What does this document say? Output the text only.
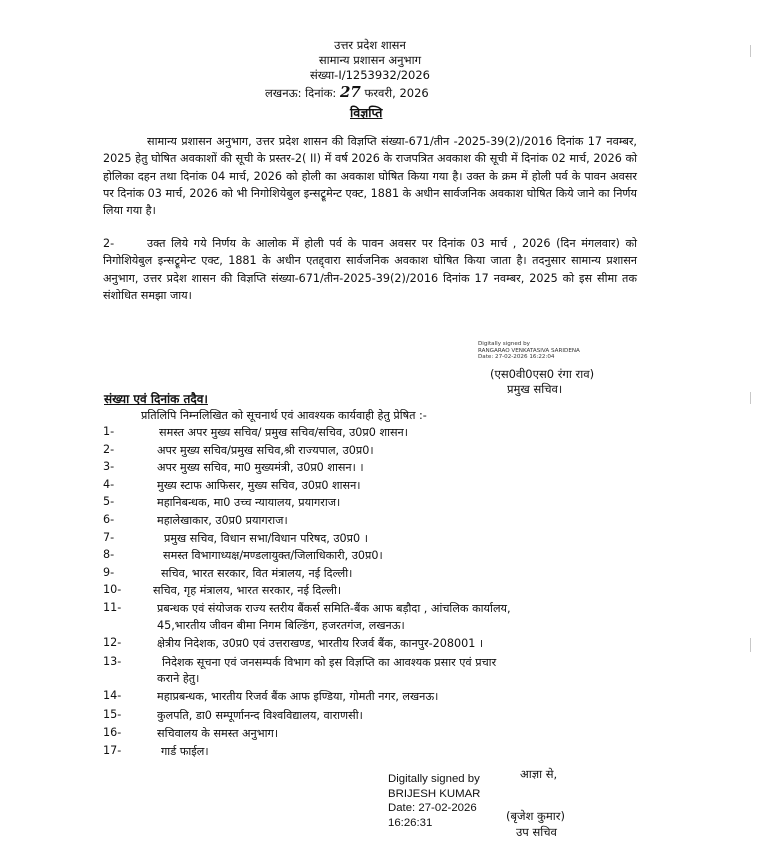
उत्तर प्रदेश शासन
सामान्य प्रशासन अनुभाग
संख्या-I/1253932/2026
लखनऊ: दिनांक: 27 फरवरी, 2026
विज्ञप्ति
सामान्य प्रशासन अनुभाग, उत्तर प्रदेश शासन की विज्ञप्ति संख्या-671/तीन -2025-39(2)/2016 दिनांक 17 नवम्बर, 2025 हेतु घोषित अवकाशों की सूची के प्रस्तर-2( II) में वर्ष 2026 के राजपत्रित अवकाश की सूची में दिनांक 02 मार्च, 2026 को होलिका दहन तथा दिनांक 04 मार्च, 2026 को होली का अवकाश घोषित किया गया है। उक्त के क्रम में होली पर्व के पावन अवसर पर दिनांक 03 मार्च, 2026 को भी निगोशियेबुल इन्सट्रूमेन्ट एक्ट, 1881 के अधीन सार्वजनिक अवकाश घोषित किये जाने का निर्णय लिया गया है।
2-	उक्त लिये गये निर्णय के आलोक में होली पर्व के पावन अवसर पर दिनांक 03 मार्च , 2026 (दिन मंगलवार) को निगोशियेबुल इन्सट्रूमेन्ट एक्ट, 1881 के अधीन एतद्द्वारा सार्वजनिक अवकाश घोषित किया जाता है। तदनुसार सामान्य प्रशासन अनुभाग, उत्तर प्रदेश शासन की विज्ञप्ति संख्या-671/तीन-2025-39(2)/2016 दिनांक 17 नवम्बर, 2025 को इस सीमा तक संशोधित समझा जाय।
Digitally signed by
RANGARAO VENKATASIVA SARIDENA
Date: 27-02-2026 16:22:04
(एस0वी0एस0 रंगा राव)
प्रमुख सचिव।
संख्या एवं दिनांक तदैव।
प्रतिलिपि निम्नलिखित को सूचनार्थ एवं आवश्यक कार्यवाही हेतु प्रेषित :-
1-	समस्त अपर मुख्य सचिव/ प्रमुख सचिव/सचिव, उ0प्र0 शासन।
2-	अपर मुख्य सचिव/प्रमुख सचिव,श्री राज्यपाल, उ0प्र0।
3-	अपर मुख्य सचिव, मा0 मुख्यमंत्री, उ0प्र0 शासन। ।
4-	मुख्य स्टाफ आफिसर, मुख्य सचिव, उ0प्र0 शासन।
5-	महानिबन्धक, मा0 उच्च न्यायालय, प्रयागराज।
6-	महालेखाकार, उ0प्र0 प्रयागराज।
7-	प्रमुख सचिव, विधान सभा/विधान परिषद, उ0प्र0 ।
8-	समस्त विभागाध्यक्ष/मण्डलायुक्त/जिलाधिकारी, उ0प्र0।
9-	सचिव, भारत सरकार, वित मंत्रालय, नई दिल्ली।
10-	सचिव, गृह मंत्रालय, भारत सरकार, नई दिल्ली।
11-	प्रबन्धक एवं संयोजक राज्य स्तरीय बैंकर्स समिति-बैंक आफ बड़ौदा , आंचलिक कार्यालय,
45,भारतीय जीवन बीमा निगम बिल्डिंग, हजरतगंज, लखनऊ।
12-	क्षेत्रीय निदेशक, उ0प्र0 एवं उत्तराखण्ड, भारतीय रिजर्व बैंक, कानपुर-208001 ।
13-	निदेशक सूचना एवं जनसम्पर्क विभाग को इस विज्ञप्ति का आवश्यक प्रसार एवं प्रचार
कराने हेतु।
14-	महाप्रबन्धक, भारतीय रिजर्व बैंक आफ इण्डिया, गोमती नगर, लखनऊ।
15-	कुलपति, डा0 सम्पूर्णानन्द विश्वविद्यालय, वाराणसी।
16-	सचिवालय के समस्त अनुभाग।
17-	गार्ड फाईल।
Digitally signed by
BRIJESH KUMAR
Date: 27-02-2026
16:26:31
आज्ञा से,
(बृजेश कुमार)
उप सचिव
